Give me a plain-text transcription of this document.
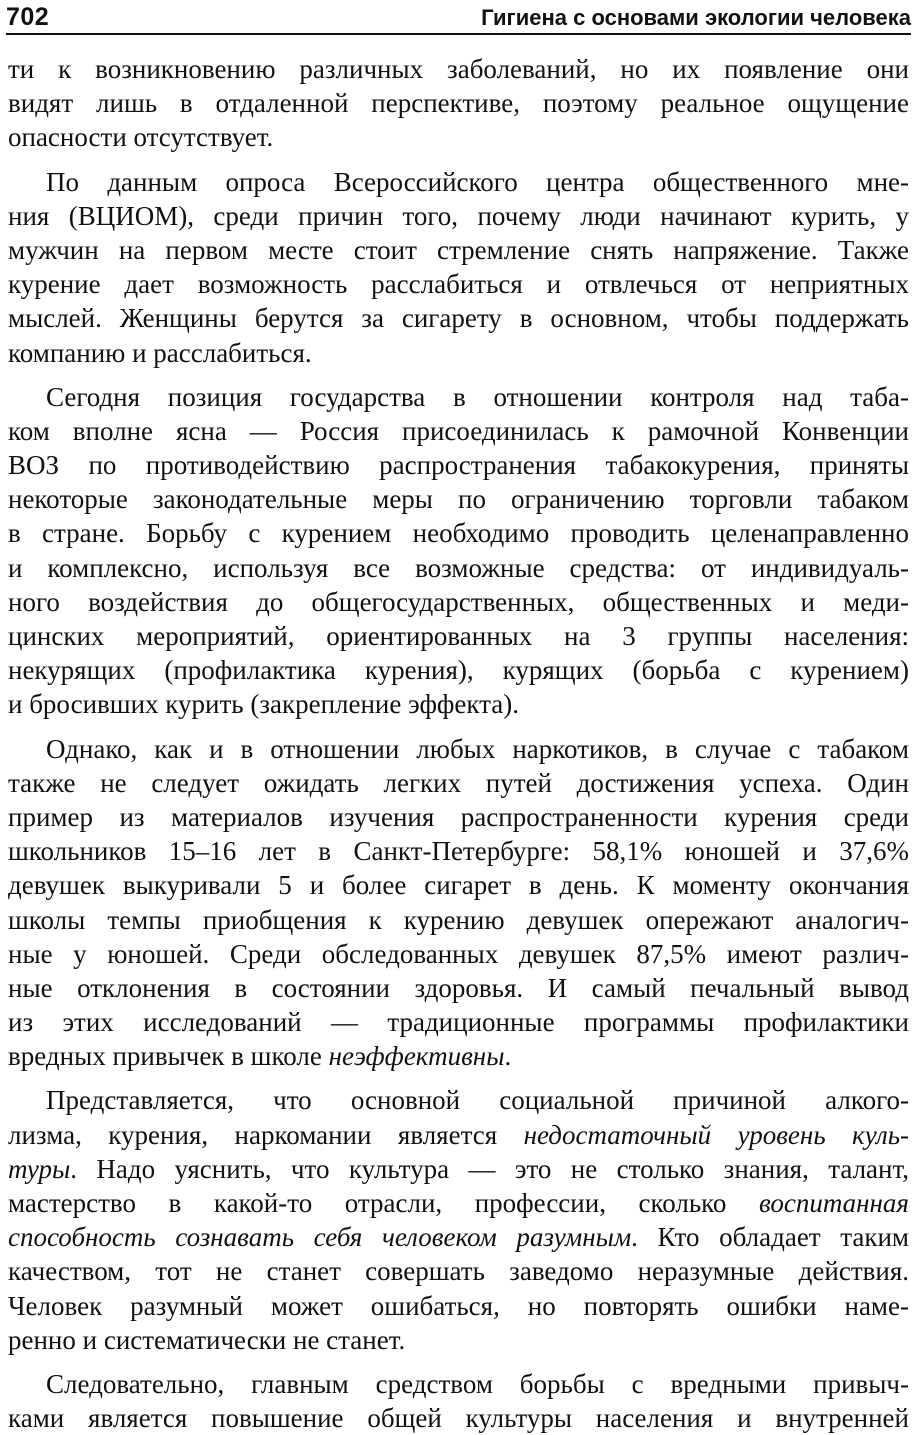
702	Гигиена с основами экологии человека
ти к возникновению различных заболеваний, но их появление они
видят лишь в отдаленной перспективе, поэтому реальное ощущение
опасности отсутствует.
По данным опроса Всероссийского центра общественного мне-
ния (ВЦИОМ), среди причин того, почему люди начинают курить, у
мужчин на первом месте стоит стремление снять напряжение. Также
курение дает возможность расслабиться и отвлечься от неприятных
мыслей. Женщины берутся за сигарету в основном, чтобы поддержать
компанию и расслабиться.
Сегодня позиция государства в отношении контроля над таба-
ком вполне ясна — Россия присоединилась к рамочной Конвенции
ВОЗ по противодействию распространения табакокурения, приняты
некоторые законодательные меры по ограничению торговли табаком
в стране. Борьбу с курением необходимо проводить целенаправленно
и комплексно, используя все возможные средства: от индивидуаль-
ного воздействия до общегосударственных, общественных и меди-
цинских мероприятий, ориентированных на 3 группы населения:
некурящих (профилактика курения), курящих (борьба с курением)
и бросивших курить (закрепление эффекта).
Однако, как и в отношении любых наркотиков, в случае с табаком
также не следует ожидать легких путей достижения успеха. Один
пример из материалов изучения распространенности курения среди
школьников 15–16 лет в Санкт-Петербурге: 58,1% юношей и 37,6%
девушек выкуривали 5 и более сигарет в день. К моменту окончания
школы темпы приобщения к курению девушек опережают аналогич-
ные у юношей. Среди обследованных девушек 87,5% имеют различ-
ные отклонения в состоянии здоровья. И самый печальный вывод
из этих исследований — традиционные программы профилактики
вредных привычек в школе неэффективны.
Представляется, что основной социальной причиной алкого-
лизма, курения, наркомании является недостаточный уровень куль-
туры. Надо уяснить, что культура — это не столько знания, талант,
мастерство в какой-то отрасли, профессии, сколько воспитанная
способность сознавать себя человеком разумным. Кто обладает таким
качеством, тот не станет совершать заведомо неразумные действия.
Человек разумный может ошибаться, но повторять ошибки наме-
ренно и систематически не станет.
Следовательно, главным средством борьбы с вредными привыч-
ками является повышение общей культуры населения и внутренней
